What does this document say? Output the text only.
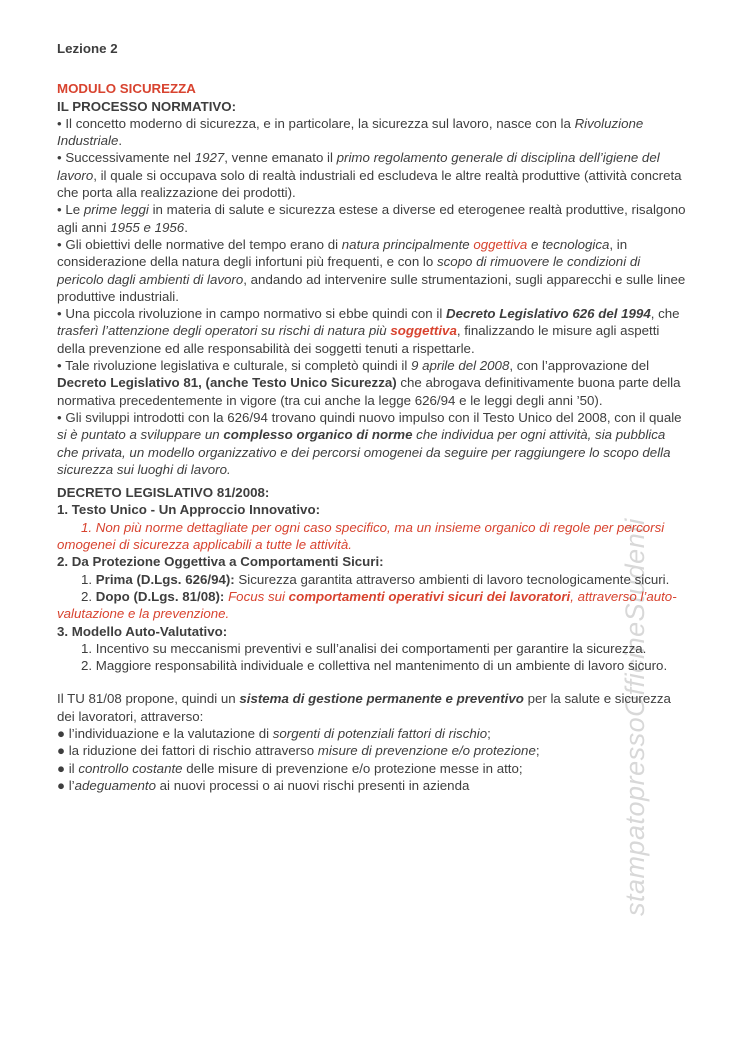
stampatopressoOfficineStudenti

Lezione 2

MODULO SICUREZZA

IL PROCESSO NORMATIVO:

• Il concetto moderno di sicurezza, e in particolare, la sicurezza sul lavoro, nasce con la Rivoluzione Industriale.

• Successivamente nel 1927, venne emanato il primo regolamento generale di disciplina dell’igiene del lavoro, il quale si occupava solo di realtà industriali ed escludeva le altre realtà produttive (attività concreta che porta alla realizzazione dei prodotti).

• Le prime leggi in materia di salute e sicurezza estese a diverse ed eterogenee realtà produttive, risalgono agli anni 1955 e 1956.

• Gli obiettivi delle normative del tempo erano di natura principalmente oggettiva e tecnologica, in considerazione della natura degli infortuni più frequenti, e con lo scopo di rimuovere le condizioni di pericolo dagli ambienti di lavoro, andando ad intervenire sulle strumentazioni, sugli apparecchi e sulle linee produttive industriali.

• Una piccola rivoluzione in campo normativo si ebbe quindi con il Decreto Legislativo 626 del 1994, che trasferì l’attenzione degli operatori su rischi di natura più soggettiva, finalizzando le misure agli aspetti della prevenzione ed alle responsabilità dei soggetti tenuti a rispettarle.

• Tale rivoluzione legislativa e culturale, si completò quindi il 9 aprile del 2008, con l’approvazione del Decreto Legislativo 81, (anche Testo Unico Sicurezza) che abrogava definitivamente buona parte della normativa precedentemente in vigore (tra cui anche la legge 626/94 e le leggi degli anni ’50).

• Gli sviluppi introdotti con la 626/94 trovano quindi nuovo impulso con il Testo Unico del 2008, con il quale si è puntato a sviluppare un complesso organico di norme che individua per ogni attività, sia pubblica che privata, un modello organizzativo e dei percorsi omogenei da seguire per raggiungere lo scopo della sicurezza sui luoghi di lavoro.

DECRETO LEGISLATIVO 81/2008:

1. Testo Unico - Un Approccio Innovativo:

1. Non più norme dettagliate per ogni caso specifico, ma un insieme organico di regole per percorsi omogenei di sicurezza applicabili a tutte le attività.

2. Da Protezione Oggettiva a Comportamenti Sicuri:

1. Prima (D.Lgs. 626/94): Sicurezza garantita attraverso ambienti di lavoro tecnologicamente sicuri.

2. Dopo (D.Lgs. 81/08): Focus sui comportamenti operativi sicuri dei lavoratori, attraverso l’auto-valutazione e la prevenzione.

3. Modello Auto-Valutativo:

1. Incentivo su meccanismi preventivi e sull’analisi dei comportamenti per garantire la sicurezza.

2. Maggiore responsabilità individuale e collettiva nel mantenimento di un ambiente di lavoro sicuro.

Il TU 81/08 propone, quindi un sistema di gestione permanente e preventivo per la salute e sicurezza dei lavoratori, attraverso:

● l’individuazione e la valutazione di sorgenti di potenziali fattori di rischio;

● la riduzione dei fattori di rischio attraverso misure di prevenzione e/o protezione;

● il controllo costante delle misure di prevenzione e/o protezione messe in atto;

● l’adeguamento ai nuovi processi o ai nuovi rischi presenti in azienda
